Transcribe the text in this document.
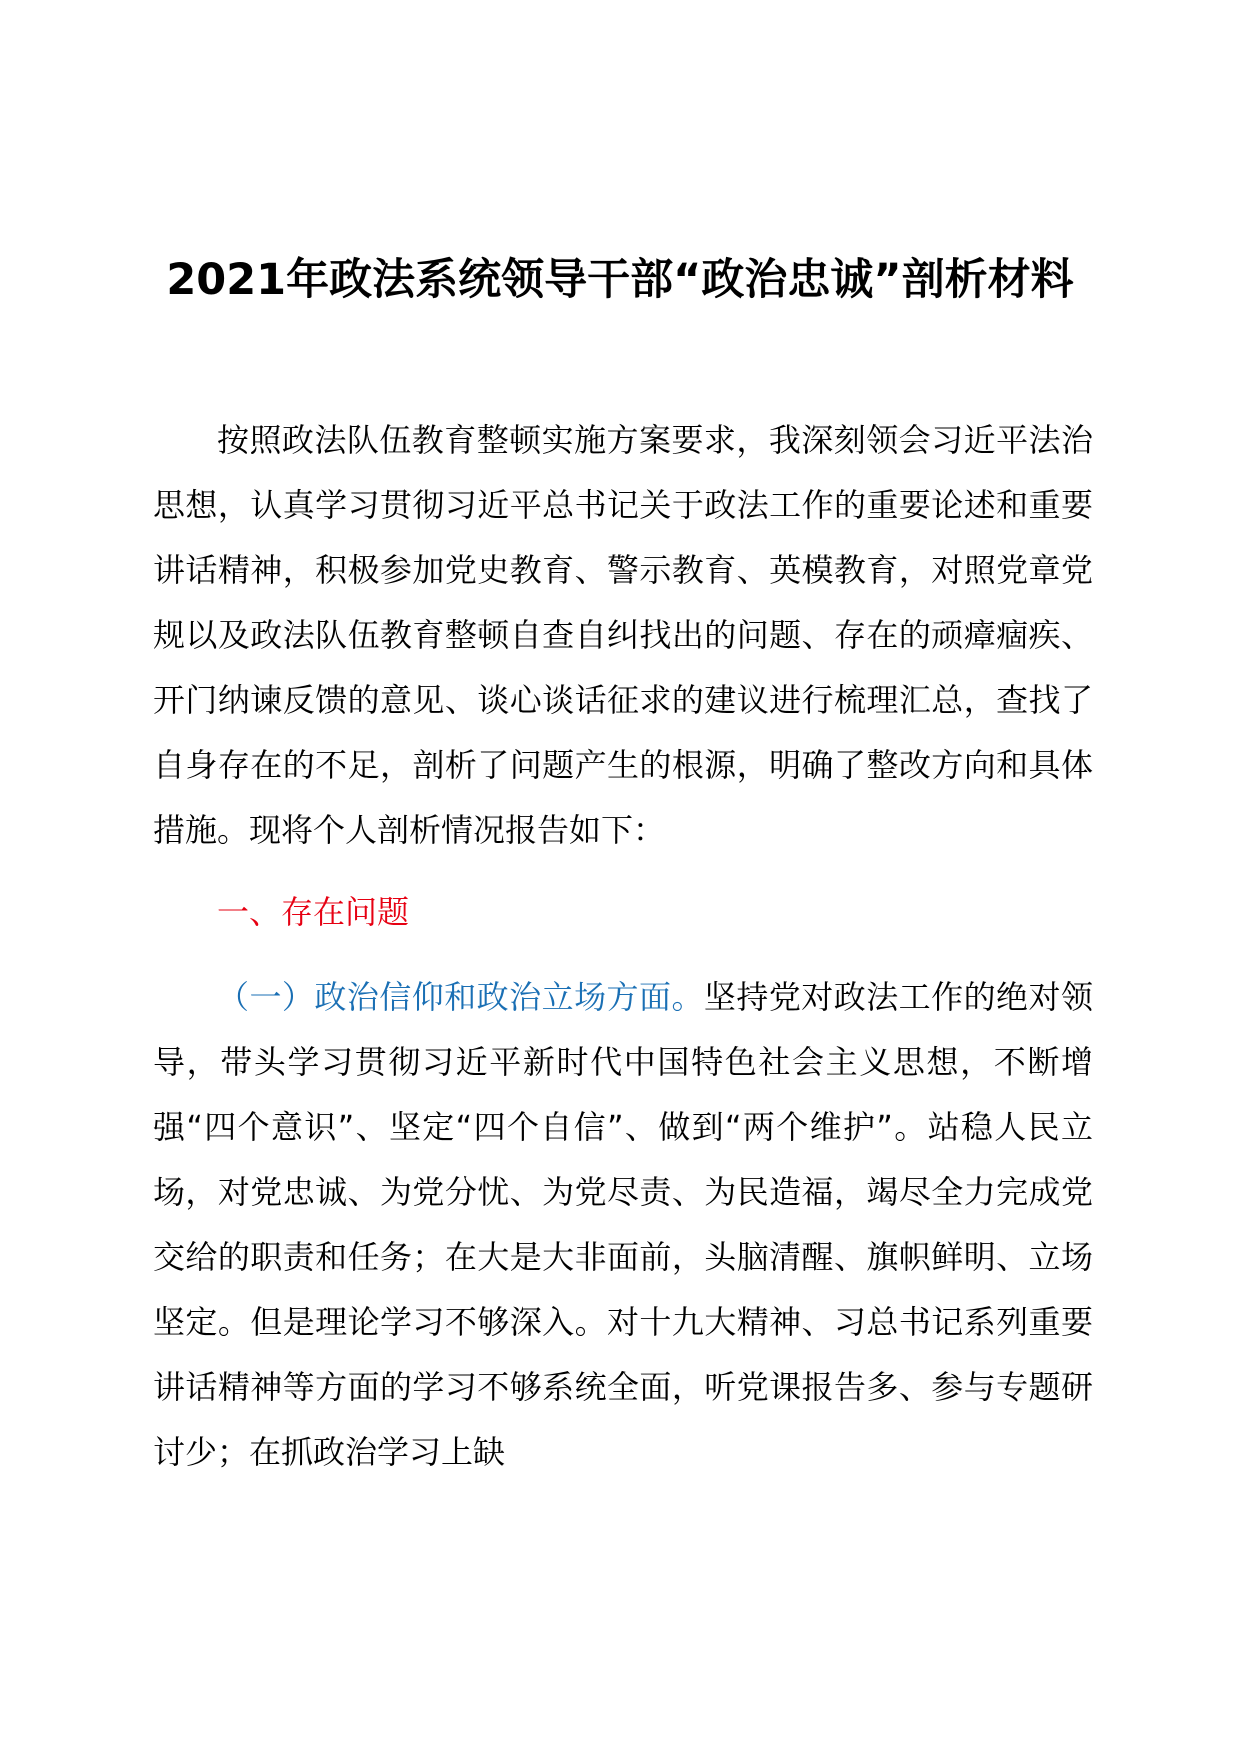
2021年政法系统领导干部“政治忠诚”剖析材料

按照政法队伍教育整顿实施方案要求，我深刻领会习近平法治思想，认真学习贯彻习近平总书记关于政法工作的重要论述和重要讲话精神，积极参加党史教育、警示教育、英模教育，对照党章党规以及政法队伍教育整顿自查自纠找出的问题、存在的顽瘴痼疾、开门纳谏反馈的意见、谈心谈话征求的建议进行梳理汇总，查找了自身存在的不足，剖析了问题产生的根源，明确了整改方向和具体措施。现将个人剖析情况报告如下：

一、存在问题

（一）政治信仰和政治立场方面。坚持党对政法工作的绝对领导，带头学习贯彻习近平新时代中国特色社会主义思想，不断增强“四个意识”、坚定“四个自信”、做到“两个维护”。站稳人民立场，对党忠诚、为党分忧、为党尽责、为民造福，竭尽全力完成党交给的职责和任务；在大是大非面前，头脑清醒、旗帜鲜明、立场坚定。但是理论学习不够深入。对十九大精神、习总书记系列重要讲话精神等方面的学习不够系统全面，听党课报告多、参与专题研讨少；在抓政治学习上缺
